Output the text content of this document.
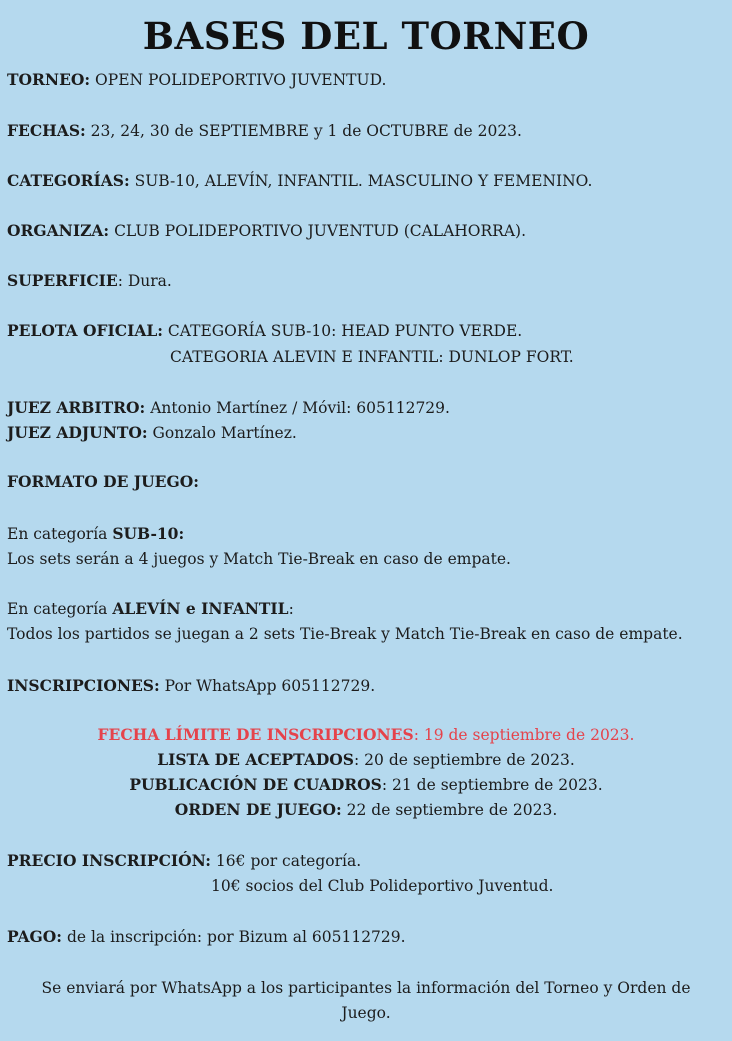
BASES DEL TORNEO
TORNEO: OPEN POLIDEPORTIVO JUVENTUD.
FECHAS: 23, 24, 30 de SEPTIEMBRE y 1 de OCTUBRE de 2023.
CATEGORÍAS: SUB-10, ALEVÍN, INFANTIL. MASCULINO Y FEMENINO.
ORGANIZA: CLUB POLIDEPORTIVO JUVENTUD (CALAHORRA).
SUPERFICIE: Dura.
PELOTA OFICIAL: CATEGORÍA SUB-10: HEAD PUNTO VERDE.
CATEGORIA ALEVIN E INFANTIL: DUNLOP FORT.
JUEZ ARBITRO: Antonio Martínez / Móvil: 605112729.
JUEZ ADJUNTO: Gonzalo Martínez.
FORMATO DE JUEGO:
En categoría SUB-10:
Los sets serán a 4 juegos y Match Tie-Break en caso de empate.
En categoría ALEVÍN e INFANTIL:
Todos los partidos se juegan a 2 sets Tie-Break y Match Tie-Break en caso de empate.
INSCRIPCIONES: Por WhatsApp 605112729.
FECHA LÍMITE DE INSCRIPCIONES: 19 de septiembre de 2023.
LISTA DE ACEPTADOS: 20 de septiembre de 2023.
PUBLICACIÓN DE CUADROS: 21 de septiembre de 2023.
ORDEN DE JUEGO: 22 de septiembre de 2023.
PRECIO INSCRIPCIÓN: 16€ por categoría.
10€ socios del Club Polideportivo Juventud.
PAGO: de la inscripción: por Bizum al 605112729.
Se enviará por WhatsApp a los participantes la información del Torneo y Orden de Juego.
